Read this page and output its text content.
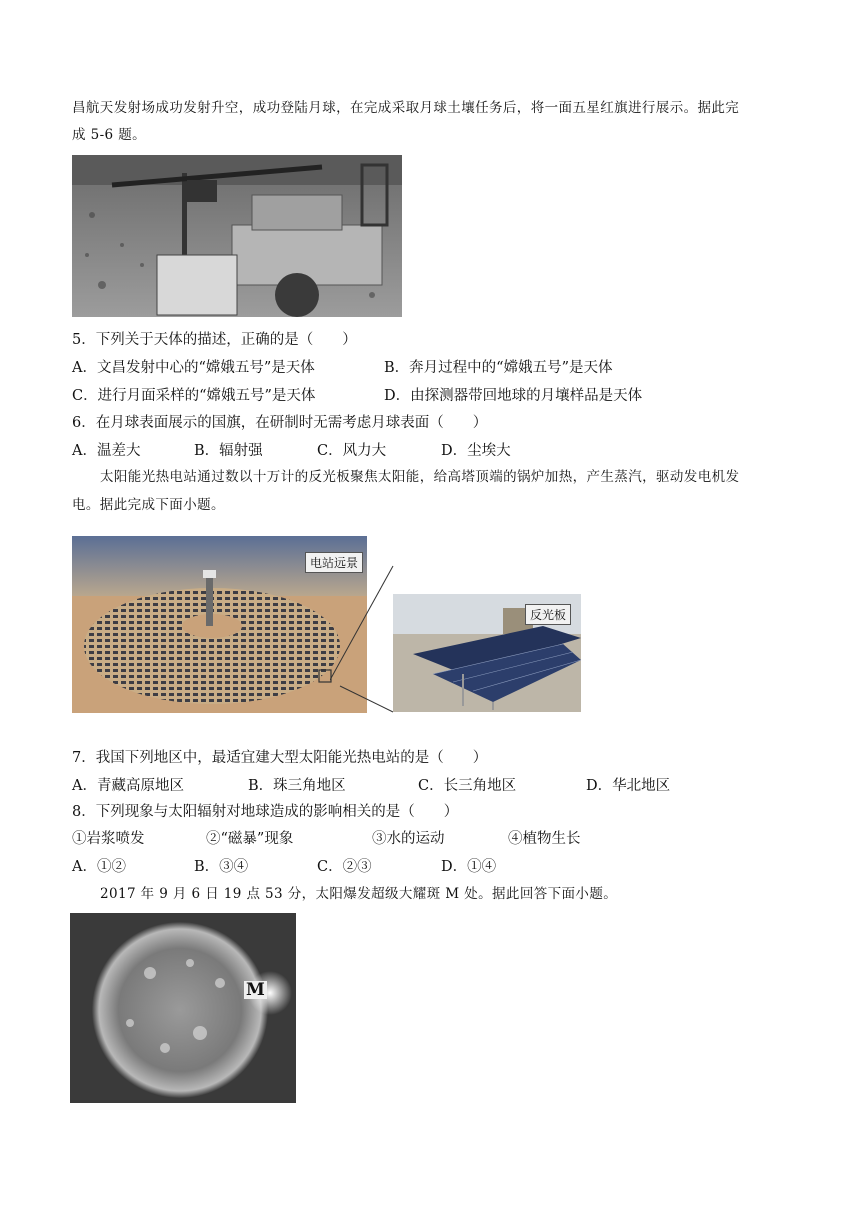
昌航天发射场成功发射升空，成功登陆月球，在完成采取月球土壤任务后，将一面五星红旗进行展示。据此完
成 5-6 题。
5．下列关于天体的描述，正确的是（　　）
A．文昌发射中心的“嫦娥五号”是天体	B．奔月过程中的“嫦娥五号”是天体
C．进行月面采样的“嫦娥五号”是天体	D．由探测器带回地球的月壤样品是天体
6．在月球表面展示的国旗，在研制时无需考虑月球表面（　　）
A．温差大	B．辐射强	C．风力大	D．尘埃大
太阳能光热电站通过数以十万计的反光板聚焦太阳能，给高塔顶端的锅炉加热，产生蒸汽，驱动发电机发
电。据此完成下面小题。
电站远景
反光板
7．我国下列地区中，最适宜建大型太阳能光热电站的是（　　）
A．青藏高原地区	B．珠三角地区	C．长三角地区	D．华北地区
8．下列现象与太阳辐射对地球造成的影响相关的是（　　）
①岩浆喷发	②“磁暴”现象	③水的运动	④植物生长
A．①②	B．③④	C．②③	D．①④
2017 年 9 月 6 日 19 点 53 分，太阳爆发超级大耀斑 M 处。据此回答下面小题。
M
